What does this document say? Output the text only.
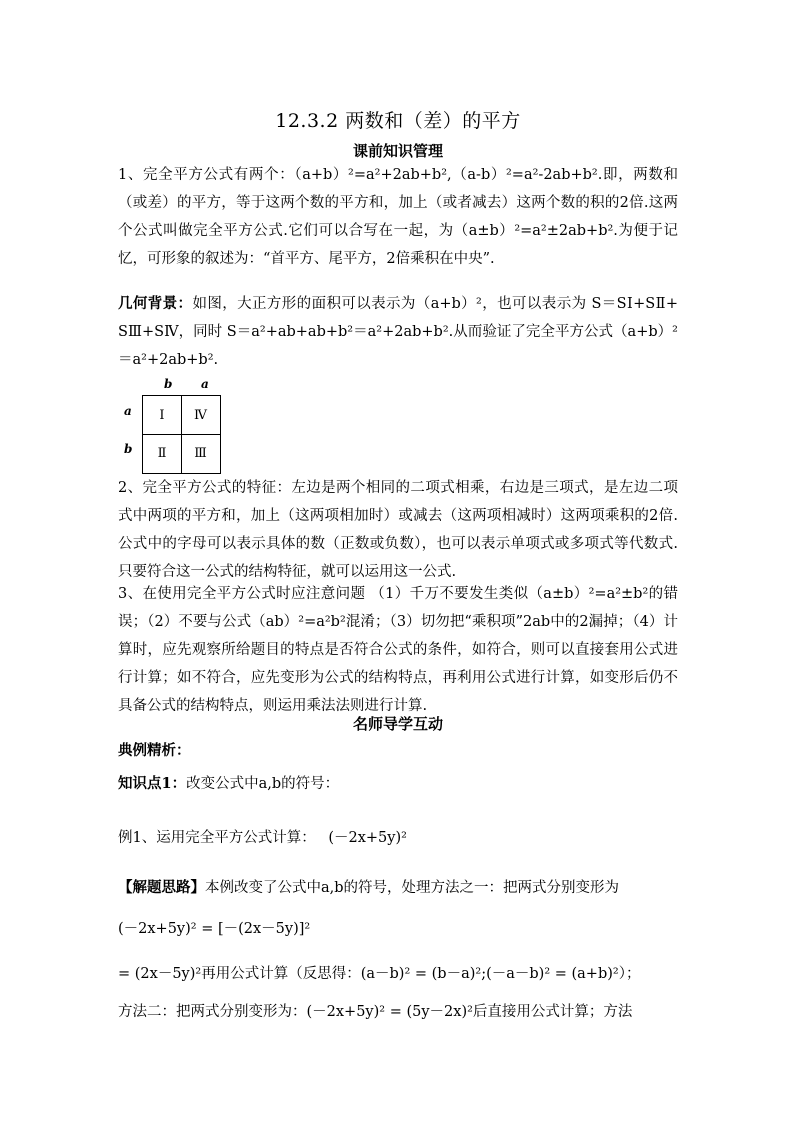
12.3.2 两数和（差）的平方
课前知识管理
1、完全平方公式有两个：（a+b）²=a²+2ab+b²,（a-b）²=a²-2ab+b².即，两数和（或差）的平方，等于这两个数的平方和，加上（或者减去）这两个数的积的2倍.这两个公式叫做完全平方公式.它们可以合写在一起，为（a±b）²=a²±2ab+b².为便于记忆，可形象的叙述为：“首平方、尾平方，2倍乘积在中央”.
几何背景：如图，大正方形的面积可以表示为（a+b）²，也可以表示为 S＝SⅠ+SⅡ+ SⅢ+SⅣ，同时 S＝a²+ab+ab+b²＝a²+2ab+b².从而验证了完全平方公式（a+b）²＝a²+2ab+b².
b a
a
b
Ⅰ	Ⅳ
Ⅱ	Ⅲ
2、完全平方公式的特征：左边是两个相同的二项式相乘，右边是三项式，是左边二项式中两项的平方和，加上（这两项相加时）或减去（这两项相减时）这两项乘积的2倍.公式中的字母可以表示具体的数（正数或负数），也可以表示单项式或多项式等代数式.只要符合这一公式的结构特征，就可以运用这一公式.
3、在使用完全平方公式时应注意问题 （1）千万不要发生类似（a±b）²=a²±b²的错误；（2）不要与公式（ab）²=a²b²混淆；（3）切勿把“乘积项”2ab中的2漏掉；（4）计算时，应先观察所给题目的特点是否符合公式的条件，如符合，则可以直接套用公式进行计算；如不符合，应先变形为公式的结构特点，再利用公式进行计算，如变形后仍不具备公式的结构特点，则运用乘法法则进行计算.
名师导学互动
典例精析：
知识点1：改变公式中a,b的符号：
例1、运用完全平方公式计算： (－2x+5y)²
【解题思路】本例改变了公式中a,b的符号，处理方法之一：把两式分别变形为
(－2x+5y)² = [－(2x－5y)]²
= (2x－5y)²再用公式计算（反思得：(a－b)² = (b－a)²;(－a－b)² = (a+b)²）；
方法二：把两式分别变形为：(－2x+5y)² = (5y－2x)²后直接用公式计算；方法
